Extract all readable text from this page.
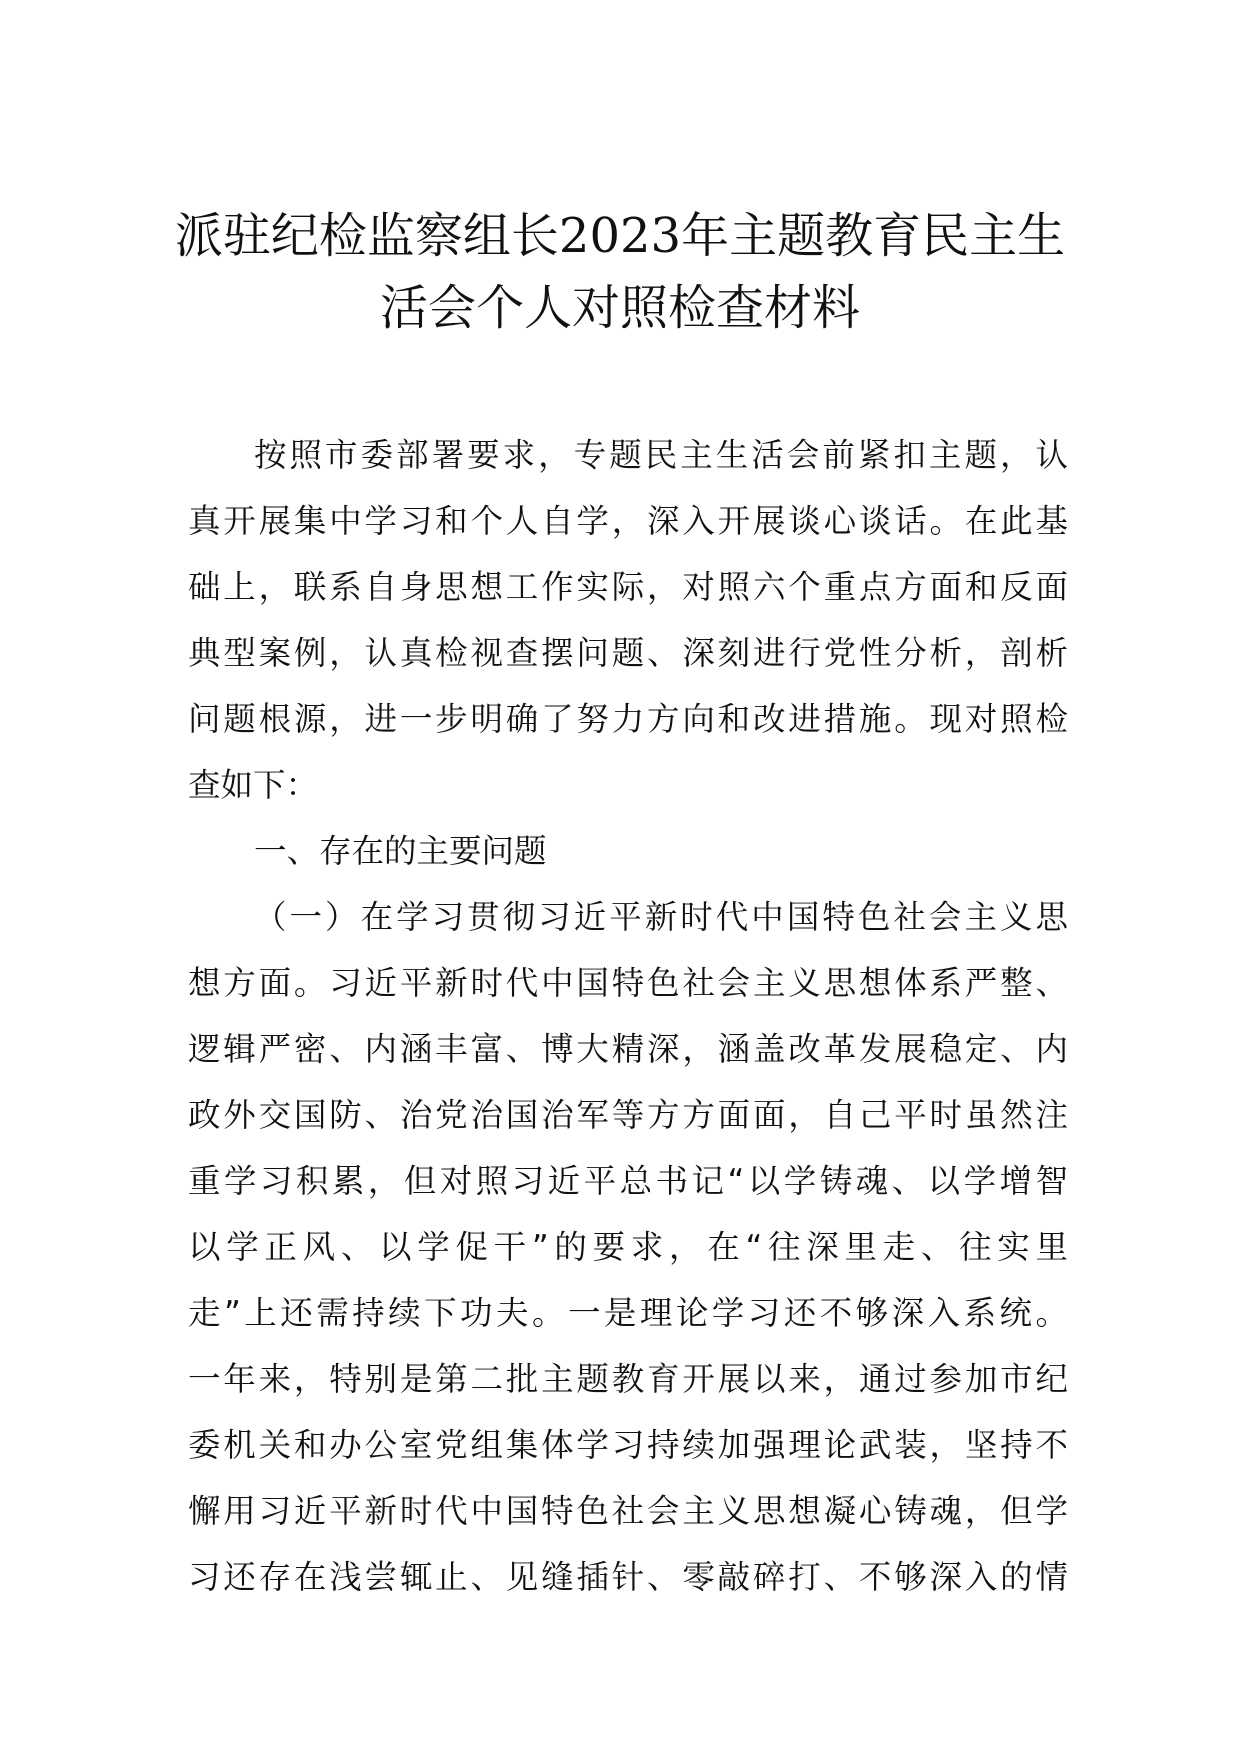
派驻纪检监察组长2023年主题教育民主生
活会个人对照检查材料
按照市委部署要求，专题民主生活会前紧扣主题，认
真开展集中学习和个人自学，深入开展谈心谈话。在此基
础上，联系自身思想工作实际，对照六个重点方面和反面
典型案例，认真检视查摆问题、深刻进行党性分析，剖析
问题根源，进一步明确了努力方向和改进措施。现对照检
查如下：
一、存在的主要问题
（一）在学习贯彻习近平新时代中国特色社会主义思
想方面。习近平新时代中国特色社会主义思想体系严整、
逻辑严密、内涵丰富、博大精深，涵盖改革发展稳定、内
政外交国防、治党治国治军等方方面面，自己平时虽然注
重学习积累，但对照习近平总书记“以学铸魂、以学增智
以学正风、以学促干”的要求，在“往深里走、往实里
走”上还需持续下功夫。一是理论学习还不够深入系统。
一年来，特别是第二批主题教育开展以来，通过参加市纪
委机关和办公室党组集体学习持续加强理论武装，坚持不
懈用习近平新时代中国特色社会主义思想凝心铸魂，但学
习还存在浅尝辄止、见缝插针、零敲碎打、不够深入的情
